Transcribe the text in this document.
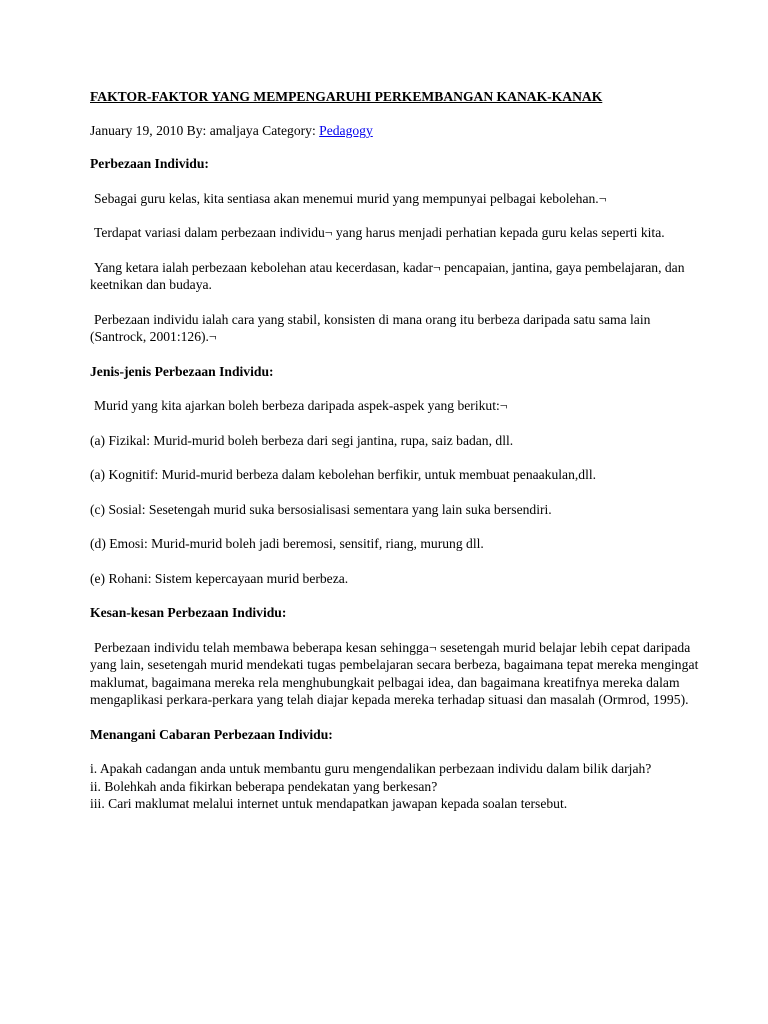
FAKTOR-FAKTOR YANG MEMPENGARUHI PERKEMBANGAN KANAK-KANAK
January 19, 2010 By: amaljaya Category: Pedagogy
Perbezaan Individu:
Sebagai guru kelas, kita sentiasa akan menemui murid yang mempunyai pelbagai kebolehan.¬
Terdapat variasi dalam perbezaan individu¬ yang harus menjadi perhatian kepada guru kelas seperti kita.
Yang ketara ialah perbezaan kebolehan atau kecerdasan, kadar¬ pencapaian, jantina, gaya pembelajaran, dan keetnikan dan budaya.
Perbezaan individu ialah cara yang stabil, konsisten di mana orang itu berbeza daripada satu sama lain (Santrock, 2001:126).¬
Jenis-jenis Perbezaan Individu:
Murid yang kita ajarkan boleh berbeza daripada aspek-aspek yang berikut:¬
(a) Fizikal: Murid-murid boleh berbeza dari segi jantina, rupa, saiz badan, dll.
(a) Kognitif: Murid-murid berbeza dalam kebolehan berfikir, untuk membuat penaakulan,dll.
(c) Sosial: Sesetengah murid suka bersosialisasi sementara yang lain suka bersendiri.
(d) Emosi: Murid-murid boleh jadi beremosi, sensitif, riang, murung dll.
(e) Rohani: Sistem kepercayaan murid berbeza.
Kesan-kesan Perbezaan Individu:
Perbezaan individu telah membawa beberapa kesan sehingga¬ sesetengah murid belajar lebih cepat daripada yang lain, sesetengah murid mendekati tugas pembelajaran secara berbeza, bagaimana tepat mereka mengingat maklumat, bagaimana mereka rela menghubungkait pelbagai idea, dan bagaimana kreatifnya mereka dalam mengaplikasi perkara-perkara yang telah diajar kepada mereka terhadap situasi dan masalah (Ormrod, 1995).
Menangani Cabaran Perbezaan Individu:
i. Apakah cadangan anda untuk membantu guru mengendalikan perbezaan individu dalam bilik darjah?
ii. Bolehkah anda fikirkan beberapa pendekatan yang berkesan?
iii. Cari maklumat melalui internet untuk mendapatkan jawapan kepada soalan tersebut.
